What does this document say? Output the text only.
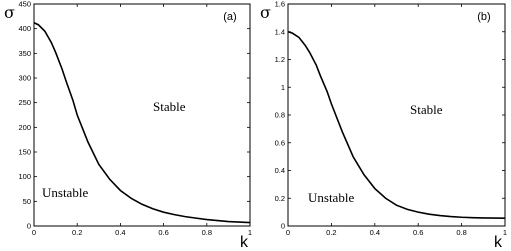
0	0.2	0.4	0.6	0.8	1
0
50
100
150
200
250
300
350
400
450
σ
k
(a)
Stable
Unstable
0	0.2	0.4	0.6	0.8	1
0
0.2
0.4
0.6
0.8
1
1.2
1.4
1.6
σ
k
(b)
Stable
Unstable
